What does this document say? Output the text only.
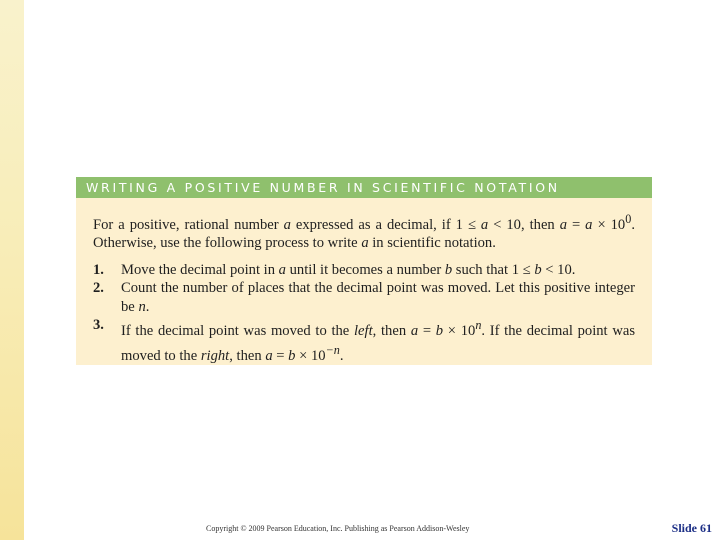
WRITING A POSITIVE NUMBER IN SCIENTIFIC NOTATION

For a positive, rational number a expressed as a decimal, if 1 ≤ a < 10, then $a = a \times 10^0$. Otherwise, use the following process to write a in scientific notation.

1.	Move the decimal point in a until it becomes a number b such that 1 ≤ b < 10.
2.	Count the number of places that the decimal point was moved. Let this positive integer be n.
3.	If the decimal point was moved to the left, then $a = b \times 10^n$. If the decimal point was moved to the right, then $a = b \times 10^{-n}$.
Copyright © 2009 Pearson Education, Inc. Publishing as Pearson Addison-Wesley	Slide 61
